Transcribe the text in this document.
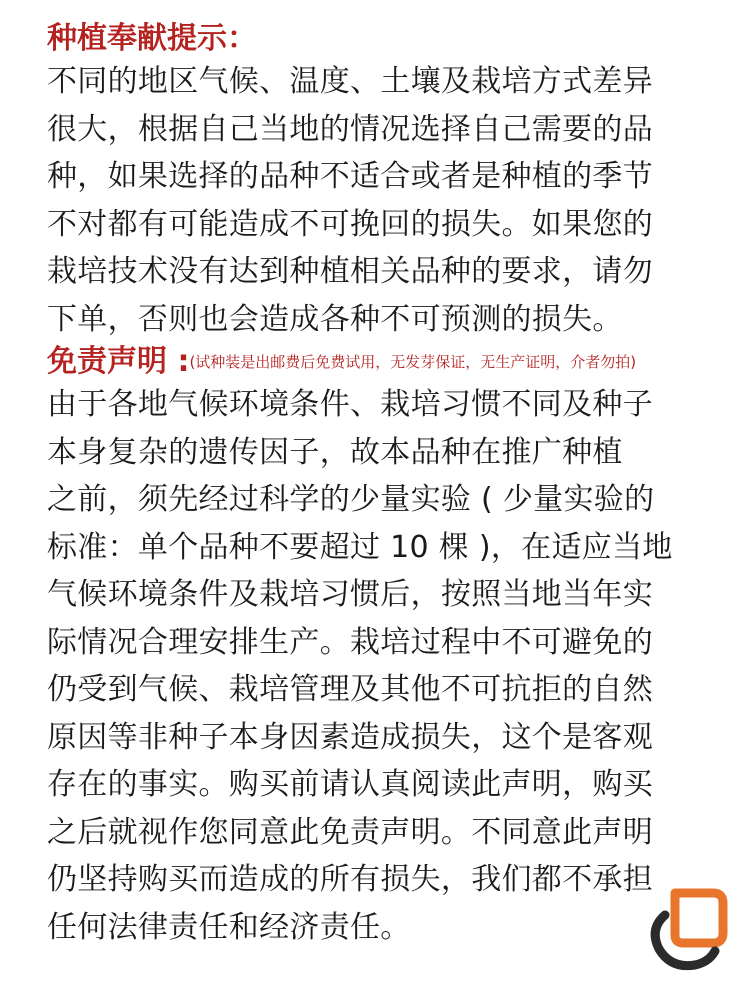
种植奉献提示：
不同的地区气候、温度、土壤及栽培方式差异
很大，根据自己当地的情况选择自己需要的品
种，如果选择的品种不适合或者是种植的季节
不对都有可能造成不可挽回的损失。如果您的
栽培技术没有达到种植相关品种的要求，请勿
下单，否则也会造成各种不可预测的损失。
免责声明 :(试种装是出邮费后免费试用，无发芽保证，无生产证明，介者勿拍)
由于各地气候环境条件、栽培习惯不同及种子
本身复杂的遗传因子，故本品种在推广种植
之前，须先经过科学的少量实验 ( 少量实验的
标准：单个品种不要超过 10 棵 )，在适应当地
气候环境条件及栽培习惯后，按照当地当年实
际情况合理安排生产。栽培过程中不可避免的
仍受到气候、栽培管理及其他不可抗拒的自然
原因等非种子本身因素造成损失，这个是客观
存在的事实。购买前请认真阅读此声明，购买
之后就视作您同意此免责声明。不同意此声明
仍坚持购买而造成的所有损失，我们都不承担
任何法律责任和经济责任。
